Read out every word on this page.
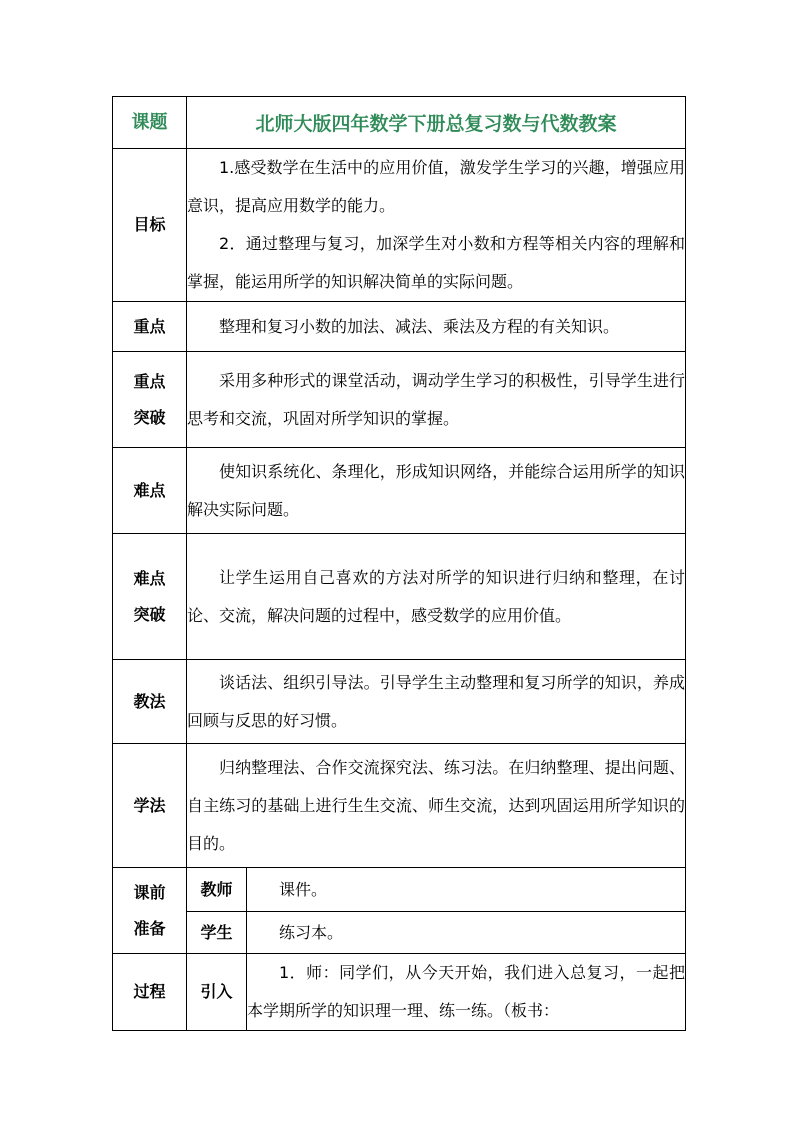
课题	北师大版四年数学下册总复习数与代数教案	
目标	1.感受数学在生活中的应用价值，激发学生学习的兴趣，增强应用意识，提高应用数学的能力。

2．通过整理与复习，加深学生对小数和方程等相关内容的理解和掌握，能运用所学的知识解决简单的实际问题。	

重点	整理和复习小数的加法、减法、乘法及方程的有关知识。	

重点
突破	采用多种形式的课堂活动，调动学生学习的积极性，引导学生进行思考和交流，巩固对所学知识的掌握。	

难点	使知识系统化、条理化，形成知识网络，并能综合运用所学的知识解决实际问题。	

难点
突破	让学生运用自己喜欢的方法对所学的知识进行归纳和整理，在讨论、交流，解决问题的过程中，感受数学的应用价值。	

教法	谈话法、组织引导法。引导学生主动整理和复习所学的知识，养成回顾与反思的好习惯。	

学法	归纳整理法、合作交流探究法、练习法。在归纳整理、提出问题、自主练习的基础上进行生生交流、师生交流，达到巩固运用所学知识的目的。	

课前
准备	教师	课件。

	学生	练习本。

过程	引入	1．师：同学们，从今天开始，我们进入总复习，一起把本学期所学的知识理一理、练一练。（板书：
